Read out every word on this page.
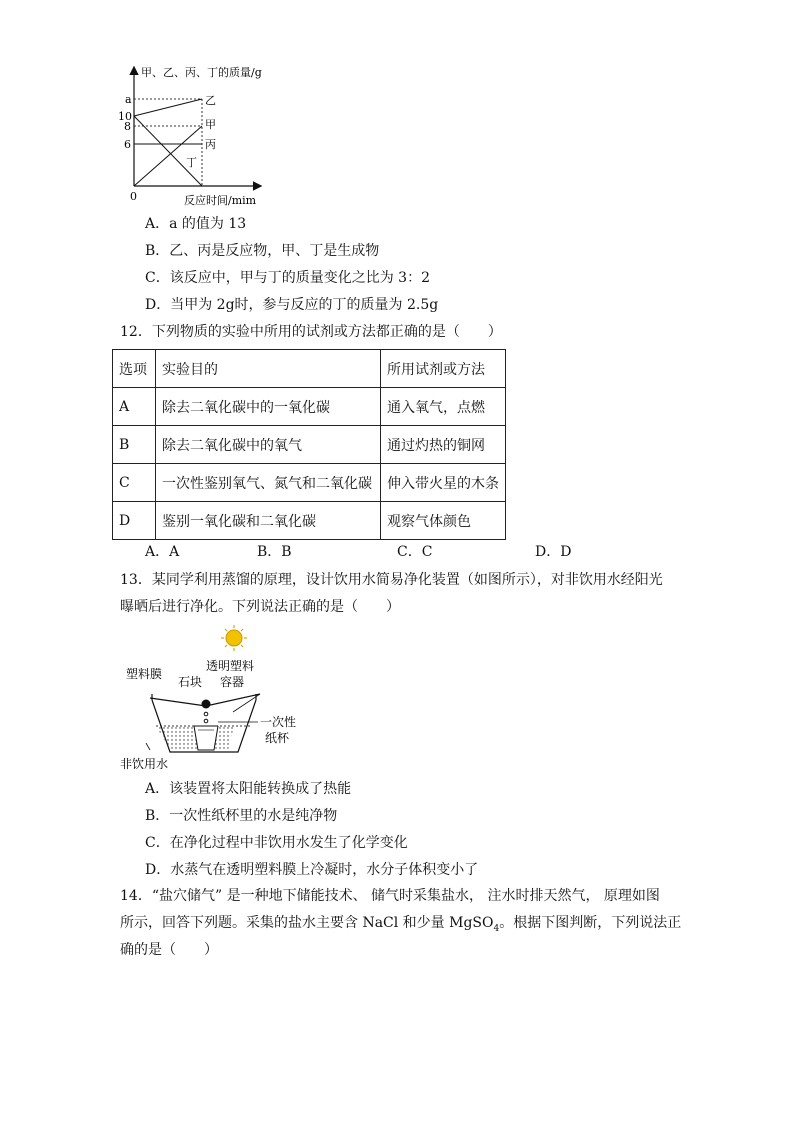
甲、乙、丙、丁的质量/g
反应时间/mim
0
a
10
8
6
乙
甲
丙
丁
A．a 的值为 13
B．乙、丙是反应物，甲、丁是生成物
C．该反应中，甲与丁的质量变化之比为 3：2
D．当甲为 2g时，参与反应的丁的质量为 2.5g
12．下列物质的实验中所用的试剂或方法都正确的是（　　）
选项	实验目的	所用试剂或方法
A	除去二氧化碳中的一氧化碳	通入氧气，点燃
B	除去二氧化碳中的氧气	通过灼热的铜网
C	一次性鉴别氧气、氮气和二氧化碳	伸入带火星的木条
D	鉴别一氧化碳和二氧化碳	观察气体颜色
A．A	B．B	C．C	D．D
13．某同学利用蒸馏的原理，设计饮用水简易净化装置（如图所示），对非饮用水经阳光
曝晒后进行净化。下列说法正确的是（　　）
塑料膜
石块
透明塑料
容器
一次性
纸杯
非饮用水
A．该装置将太阳能转换成了热能
B．一次性纸杯里的水是纯净物
C．在净化过程中非饮用水发生了化学变化
D．水蒸气在透明塑料膜上冷凝时，水分子体积变小了
14．“盐穴储气” 是一种地下储能技术、 储气时采集盐水， 注水时排天然气， 原理如图
所示，回答下列题。采集的盐水主要含 NaCl 和少量 MgSO$_4$。根据下图判断，下列说法正
确的是（　　）
